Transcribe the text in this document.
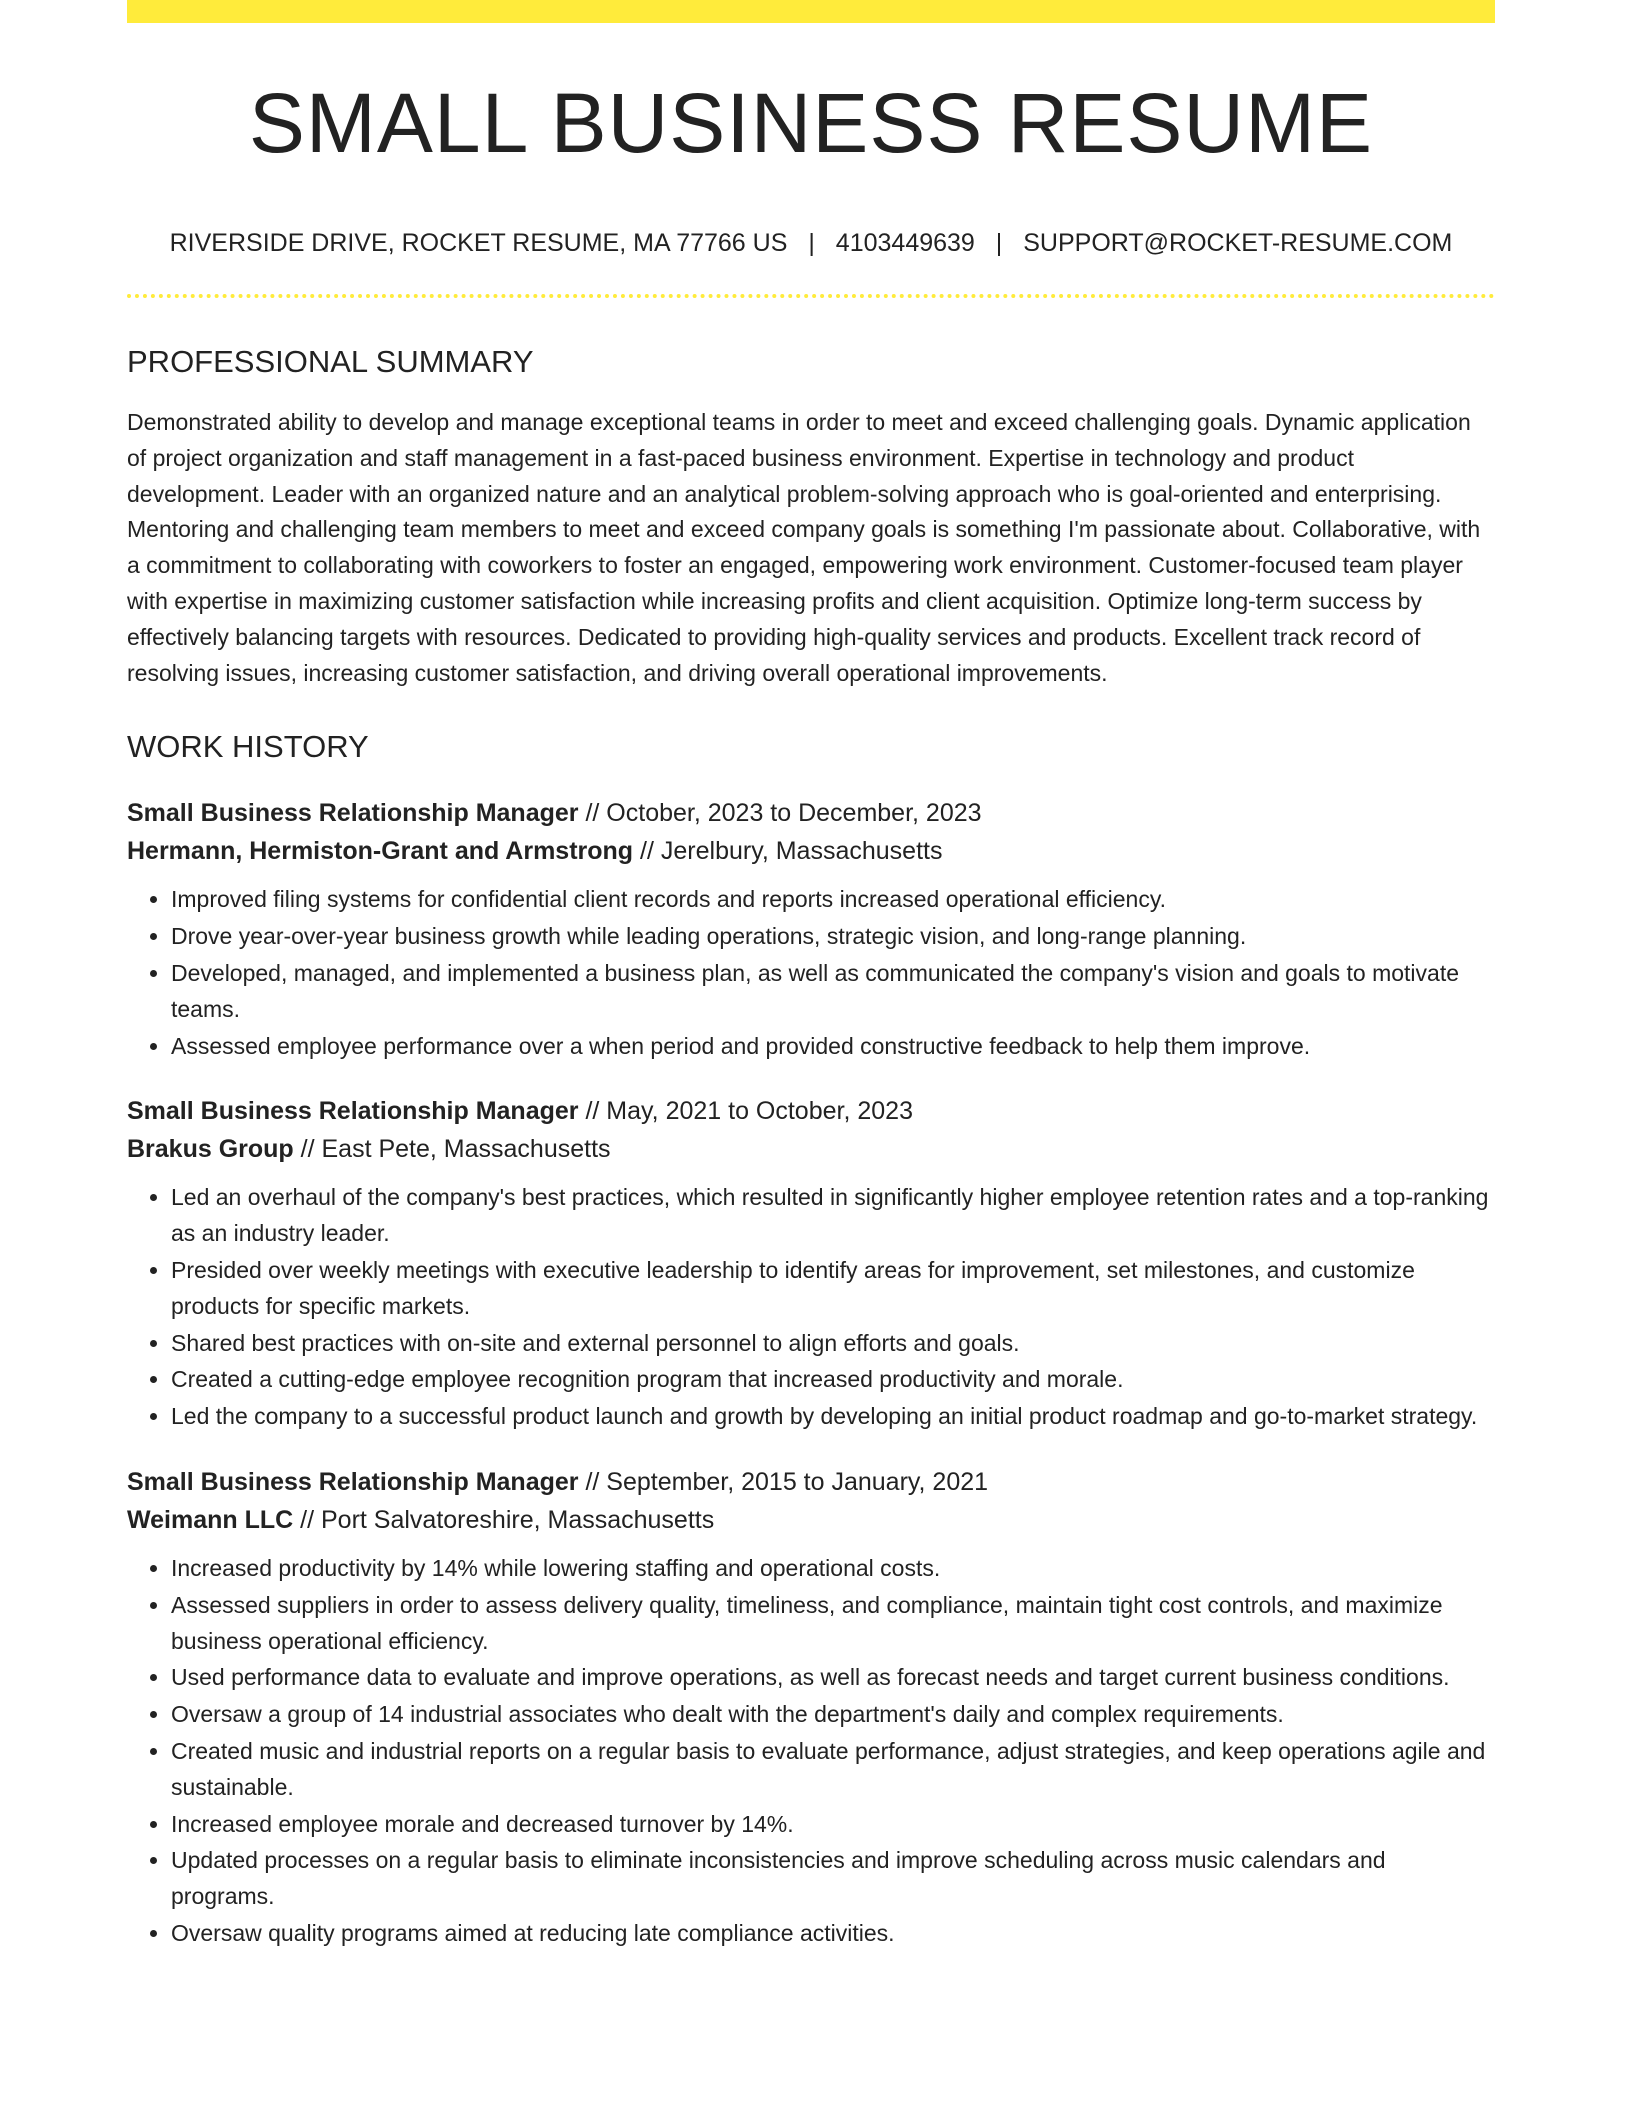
SMALL BUSINESS RESUME
RIVERSIDE DRIVE, ROCKET RESUME, MA 77766 US | 4103449639 | SUPPORT@ROCKET-RESUME.COM
PROFESSIONAL SUMMARY
Demonstrated ability to develop and manage exceptional teams in order to meet and exceed challenging goals. Dynamic application of project organization and staff management in a fast-paced business environment. Expertise in technology and product development. Leader with an organized nature and an analytical problem-solving approach who is goal-oriented and enterprising. Mentoring and challenging team members to meet and exceed company goals is something I'm passionate about. Collaborative, with a commitment to collaborating with coworkers to foster an engaged, empowering work environment. Customer-focused team player with expertise in maximizing customer satisfaction while increasing profits and client acquisition. Optimize long-term success by effectively balancing targets with resources. Dedicated to providing high-quality services and products. Excellent track record of resolving issues, increasing customer satisfaction, and driving overall operational improvements.
WORK HISTORY
Small Business Relationship Manager // October, 2023 to December, 2023
Hermann, Hermiston-Grant and Armstrong // Jerelbury, Massachusetts
• Improved filing systems for confidential client records and reports increased operational efficiency.
• Drove year-over-year business growth while leading operations, strategic vision, and long-range planning.
• Developed, managed, and implemented a business plan, as well as communicated the company's vision and goals to motivate teams.
• Assessed employee performance over a when period and provided constructive feedback to help them improve.
Small Business Relationship Manager // May, 2021 to October, 2023
Brakus Group // East Pete, Massachusetts
• Led an overhaul of the company's best practices, which resulted in significantly higher employee retention rates and a top-ranking as an industry leader.
• Presided over weekly meetings with executive leadership to identify areas for improvement, set milestones, and customize products for specific markets.
• Shared best practices with on-site and external personnel to align efforts and goals.
• Created a cutting-edge employee recognition program that increased productivity and morale.
• Led the company to a successful product launch and growth by developing an initial product roadmap and go-to-market strategy.
Small Business Relationship Manager // September, 2015 to January, 2021
Weimann LLC // Port Salvatoreshire, Massachusetts
• Increased productivity by 14% while lowering staffing and operational costs.
• Assessed suppliers in order to assess delivery quality, timeliness, and compliance, maintain tight cost controls, and maximize business operational efficiency.
• Used performance data to evaluate and improve operations, as well as forecast needs and target current business conditions.
• Oversaw a group of 14 industrial associates who dealt with the department's daily and complex requirements.
• Created music and industrial reports on a regular basis to evaluate performance, adjust strategies, and keep operations agile and sustainable.
• Increased employee morale and decreased turnover by 14%.
• Updated processes on a regular basis to eliminate inconsistencies and improve scheduling across music calendars and programs.
• Oversaw quality programs aimed at reducing late compliance activities.
